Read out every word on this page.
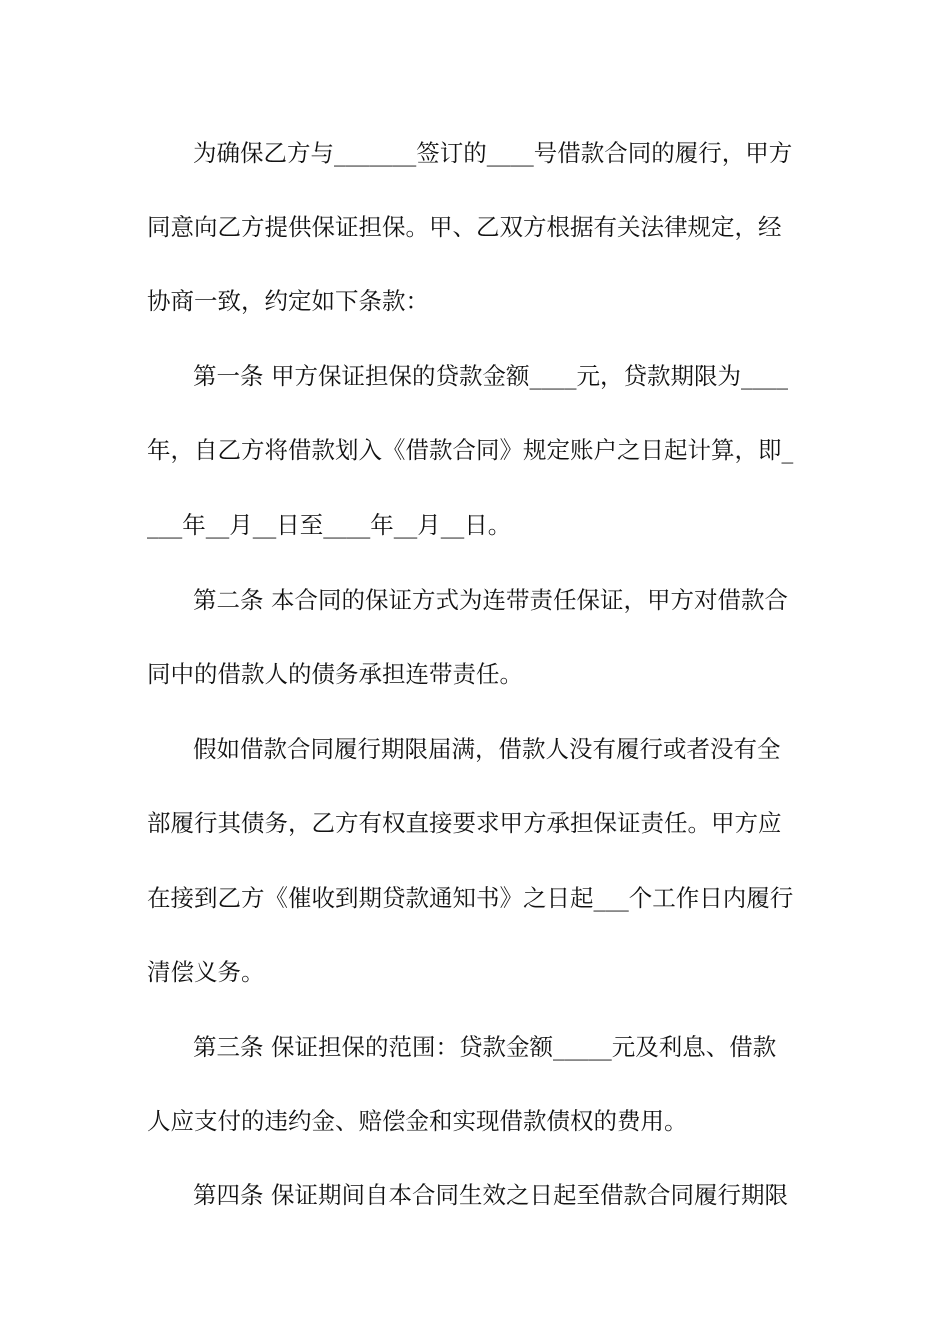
为确保乙方与_______签订的____号借款合同的履行，甲方
同意向乙方提供保证担保。甲、乙双方根据有关法律规定，经
协商一致，约定如下条款：
第一条 甲方保证担保的贷款金额____元，贷款期限为____
年，自乙方将借款划入《借款合同》规定账户之日起计算，即_
___年__月__日至____年__月__日。
第二条 本合同的保证方式为连带责任保证，甲方对借款合
同中的借款人的债务承担连带责任。
假如借款合同履行期限届满，借款人没有履行或者没有全
部履行其债务，乙方有权直接要求甲方承担保证责任。甲方应
在接到乙方《催收到期贷款通知书》之日起___个工作日内履行
清偿义务。
第三条 保证担保的范围：贷款金额_____元及利息、借款
人应支付的违约金、赔偿金和实现借款债权的费用。
第四条 保证期间自本合同生效之日起至借款合同履行期限
